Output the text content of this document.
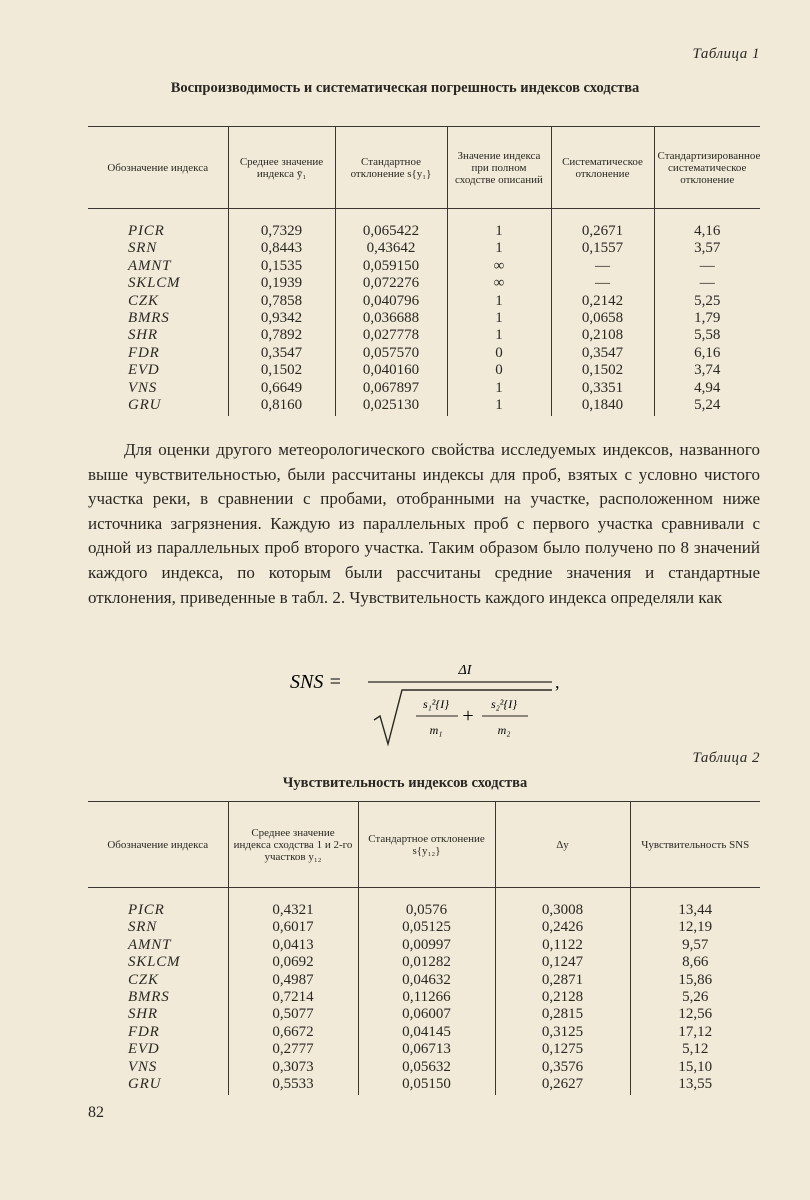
Таблица 1
Воспроизводимость и систематическая погрешность индексов сходства
Обозначение индекса	Среднее значение индекса ȳ₁	Стандартное отклонение s{y₁}	Значение индекса при полном сходстве описаний	Систематическое отклонение	Стандартизированное систематическое отклонение

PICR	0,7329	0,065422	1	0,2671	4,16
SRN	0,8443	0,43642	1	0,1557	3,57
AMNT	0,1535	0,059150	∞	—	—
SKLCM	0,1939	0,072276	∞	—	—
CZK	0,7858	0,040796	1	0,2142	5,25
BMRS	0,9342	0,036688	1	0,0658	1,79
SHR	0,7892	0,027778	1	0,2108	5,58
FDR	0,3547	0,057570	0	0,3547	6,16
EVD	0,1502	0,040160	0	0,1502	3,74
VNS	0,6649	0,067897	1	0,3351	4,94
GRU	0,8160	0,025130	1	0,1840	5,24
Для оценки другого метеорологического свойства исследуемых индексов, названного выше чувствительностью, были рассчитаны индексы для проб, взятых с условно чистого участка реки, в сравнении с пробами, отобранными на участке, расположенном ниже источника загрязнения. Каждую из параллельных проб с первого участка сравнивали с одной из параллельных проб второго участка. Таким образом было получено по 8 значений каждого индекса, по которым были рассчитаны средние значения и стандартные отклонения, приведенные в табл. 2. Чувствительность каждого индекса определяли как
SNS =
ΔI
s₁²{I}
m₁
+
s₂²{I}
m₂
,
Таблица 2
Чувствительность индексов сходства
Обозначение индекса	Среднее значение индекса сходства 1 и 2-го участков y₁₂	Стандартное отклонение s{y₁₂}	Δy	Чувствительность SNS

PICR	0,4321	0,0576	0,3008	13,44
SRN	0,6017	0,05125	0,2426	12,19
AMNT	0,0413	0,00997	0,1122	9,57
SKLCM	0,0692	0,01282	0,1247	8,66
CZK	0,4987	0,04632	0,2871	15,86
BMRS	0,7214	0,11266	0,2128	5,26
SHR	0,5077	0,06007	0,2815	12,56
FDR	0,6672	0,04145	0,3125	17,12
EVD	0,2777	0,06713	0,1275	5,12
VNS	0,3073	0,05632	0,3576	15,10
GRU	0,5533	0,05150	0,2627	13,55
82
